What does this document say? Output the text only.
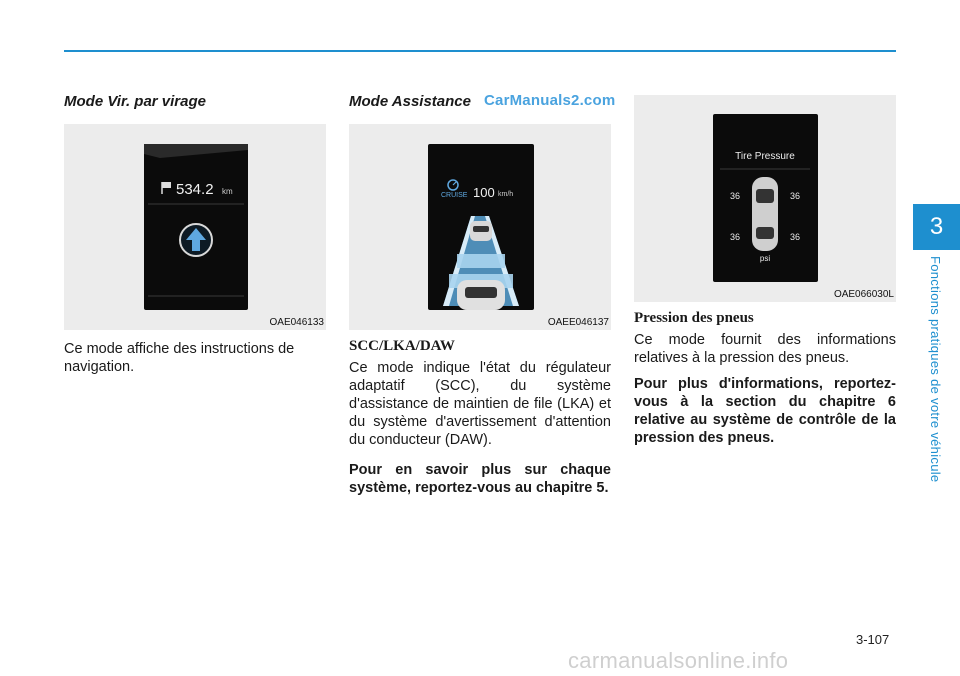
3
Fonctions pratiques de votre véhicule
Mode Vir. par virage
534.2 km
OAE046133

Ce mode affiche des instructions de navigation.

Mode Assistance
CRUISE 100 km/h
OAEE046137
SCC/LKA/DAW

Ce mode indique l'état du régulateur adaptatif (SCC), du système d'assistance de maintien de file (LKA) et du système d'avertissement d'attention du conducteur (DAW).

Pour en savoir plus sur chaque système, reportez-vous au chapitre 5.

Tire Pressure
36	36
36	36
psi
OAE066030L
Pression des pneus

Ce mode fournit des informations relatives à la pression des pneus.

Pour plus d'informations, reportez-vous à la section du chapitre 6 relative au système de contrôle de la pression des pneus.

CarManuals2.com
3-107
carmanualsonline.info
